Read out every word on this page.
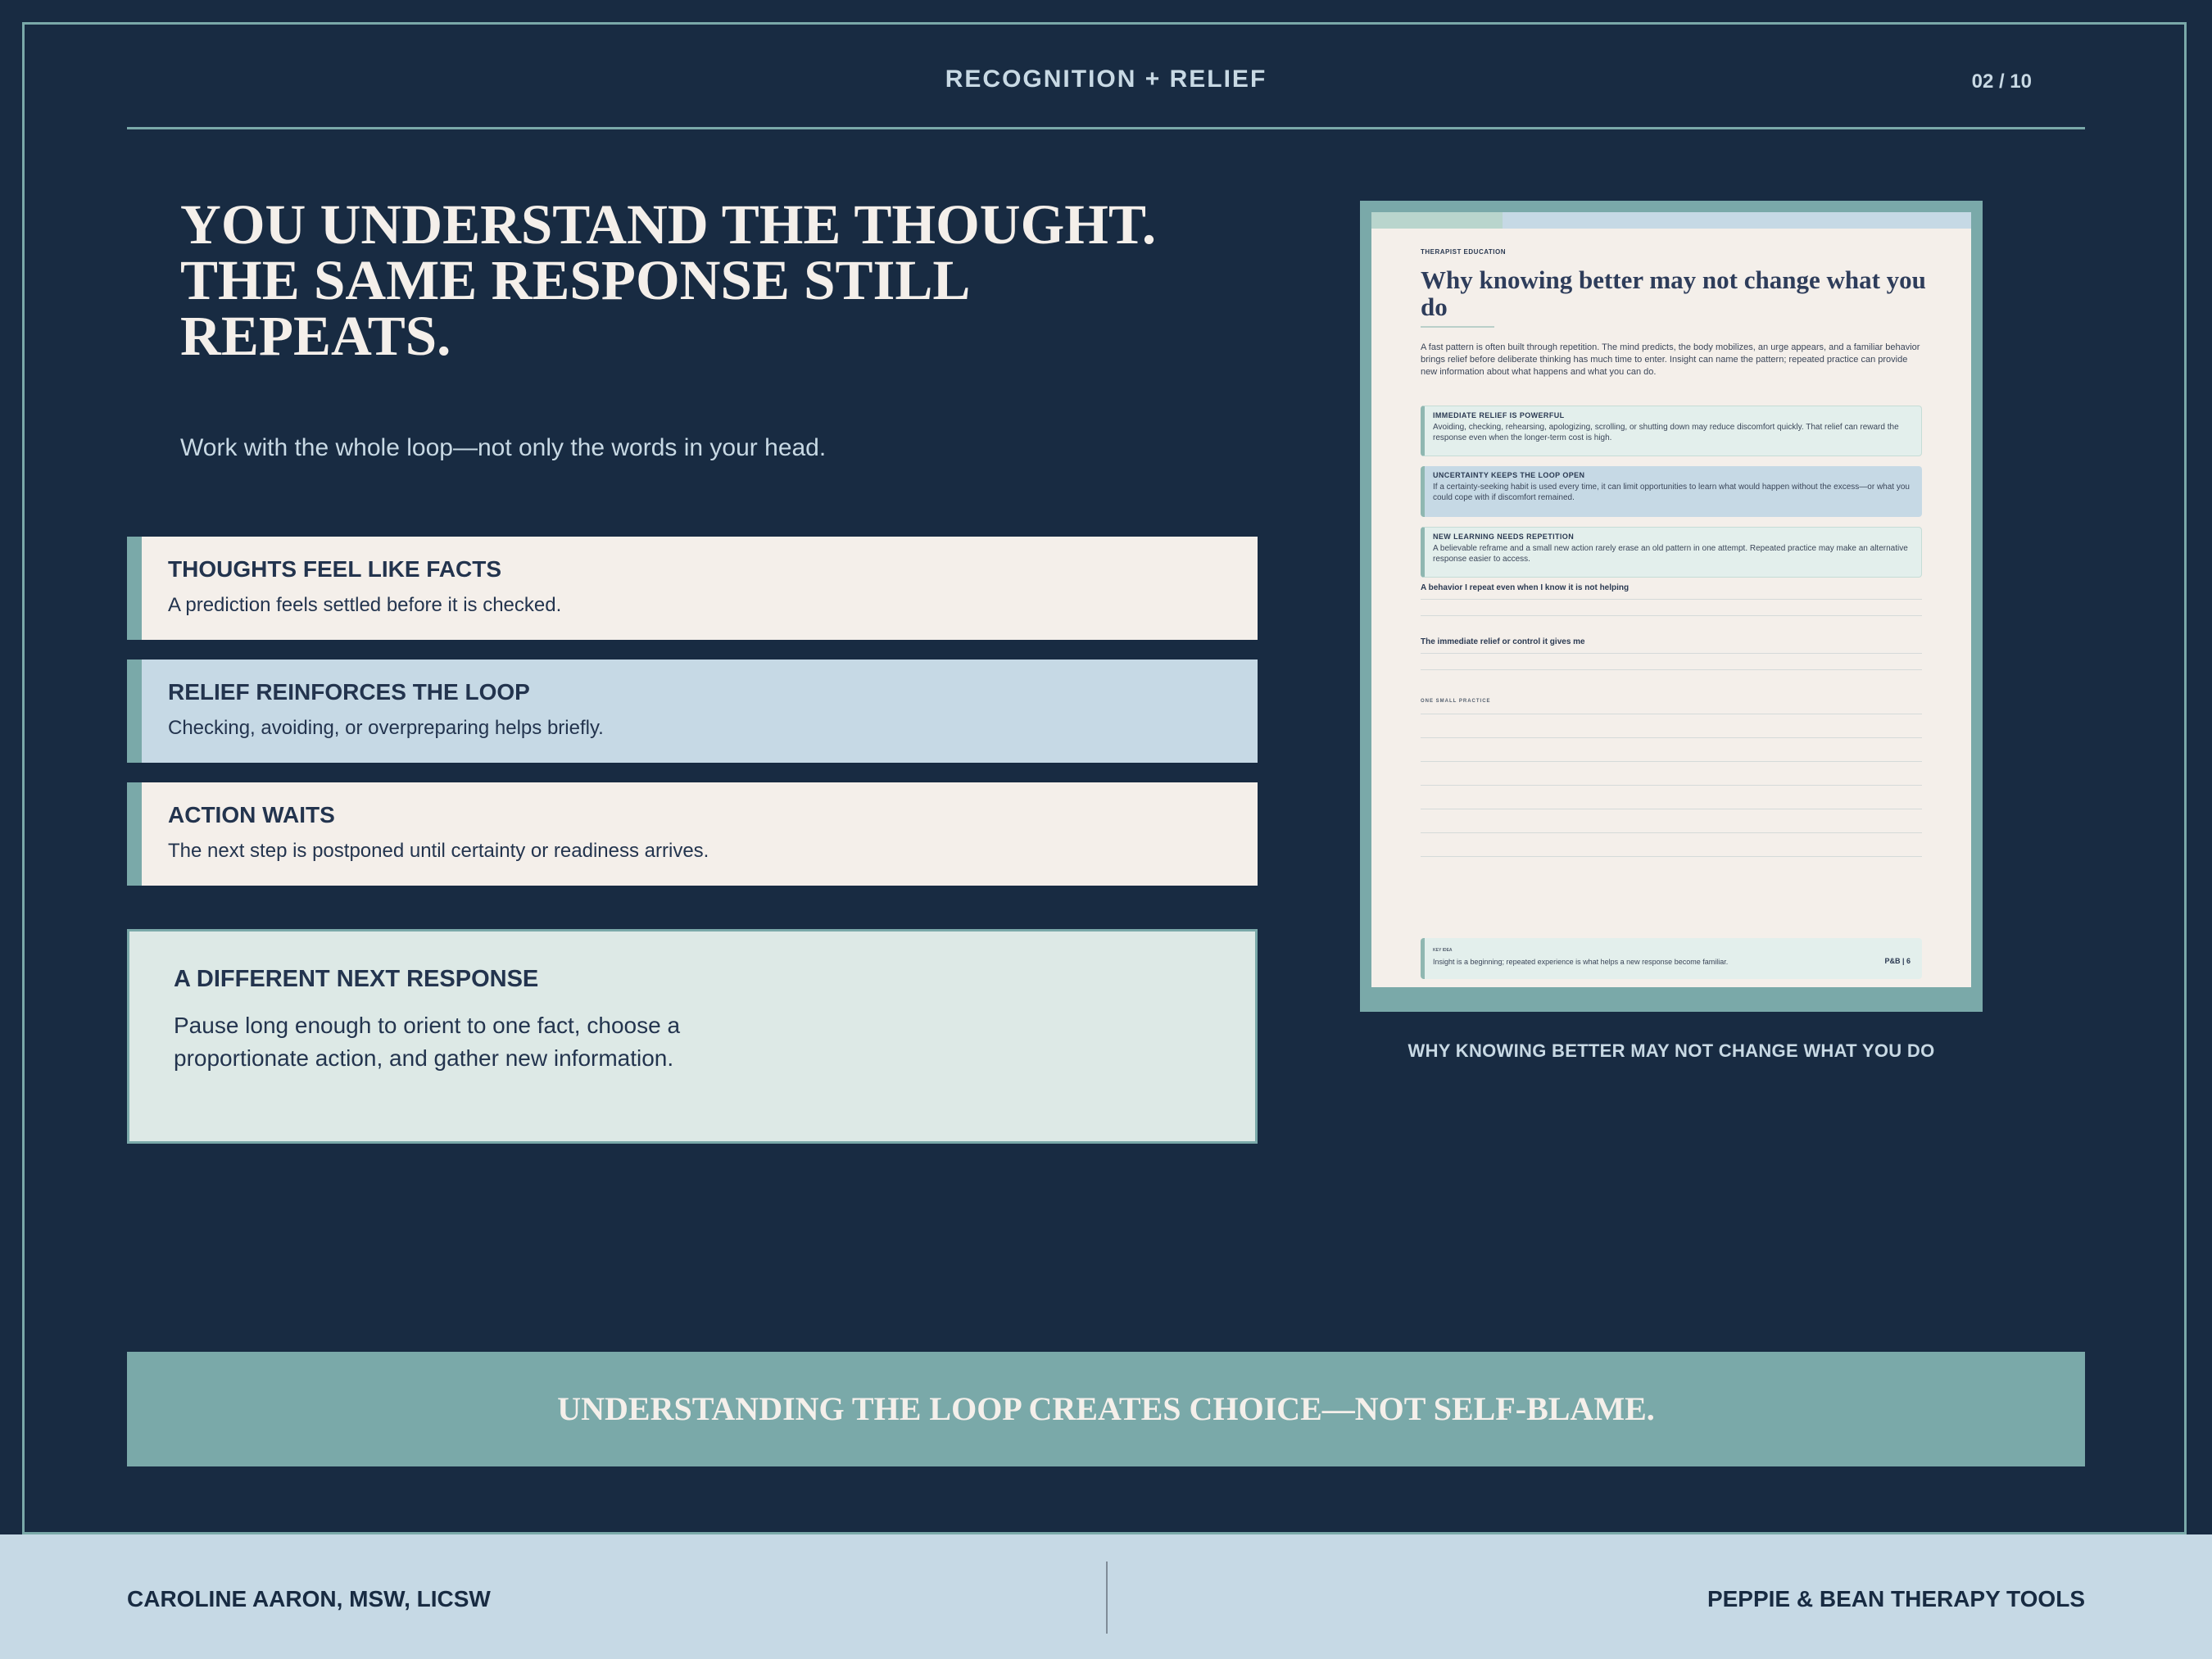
RECOGNITION + RELIEF	02 / 10
YOU UNDERSTAND THE THOUGHT. THE SAME RESPONSE STILL REPEATS.
Work with the whole loop—not only the words in your head.
THOUGHTS FEEL LIKE FACTS
A prediction feels settled before it is checked.
RELIEF REINFORCES THE LOOP
Checking, avoiding, or overpreparing helps briefly.
ACTION WAITS
The next step is postponed until certainty or readiness arrives.
A DIFFERENT NEXT RESPONSE
Pause long enough to orient to one fact, choose a proportionate action, and gather new information.
THERAPIST EDUCATION
Why knowing better may not change what you do
A fast pattern is often built through repetition. The mind predicts, the body mobilizes, an urge appears, and a familiar behavior brings relief before deliberate thinking has much time to enter. Insight can name the pattern; repeated practice can provide new information about what happens and what you can do.
IMMEDIATE RELIEF IS POWERFUL
Avoiding, checking, rehearsing, apologizing, scrolling, or shutting down may reduce discomfort quickly. That relief can reward the response even when the longer-term cost is high.
UNCERTAINTY KEEPS THE LOOP OPEN
If a certainty-seeking habit is used every time, it can limit opportunities to learn what would happen without the excess—or what you could cope with if discomfort remained.
NEW LEARNING NEEDS REPETITION
A believable reframe and a small new action rarely erase an old pattern in one attempt. Repeated practice may make an alternative response easier to access.
A behavior I repeat even when I know it is not helping
The immediate relief or control it gives me
ONE SMALL PRACTICE
KEY IDEA
Insight is a beginning; repeated experience is what helps a new response become familiar.	P&B | 6
WHY KNOWING BETTER MAY NOT CHANGE WHAT YOU DO
UNDERSTANDING THE LOOP CREATES CHOICE—NOT SELF-BLAME.
CAROLINE AARON, MSW, LICSW	PEPPIE & BEAN THERAPY TOOLS
